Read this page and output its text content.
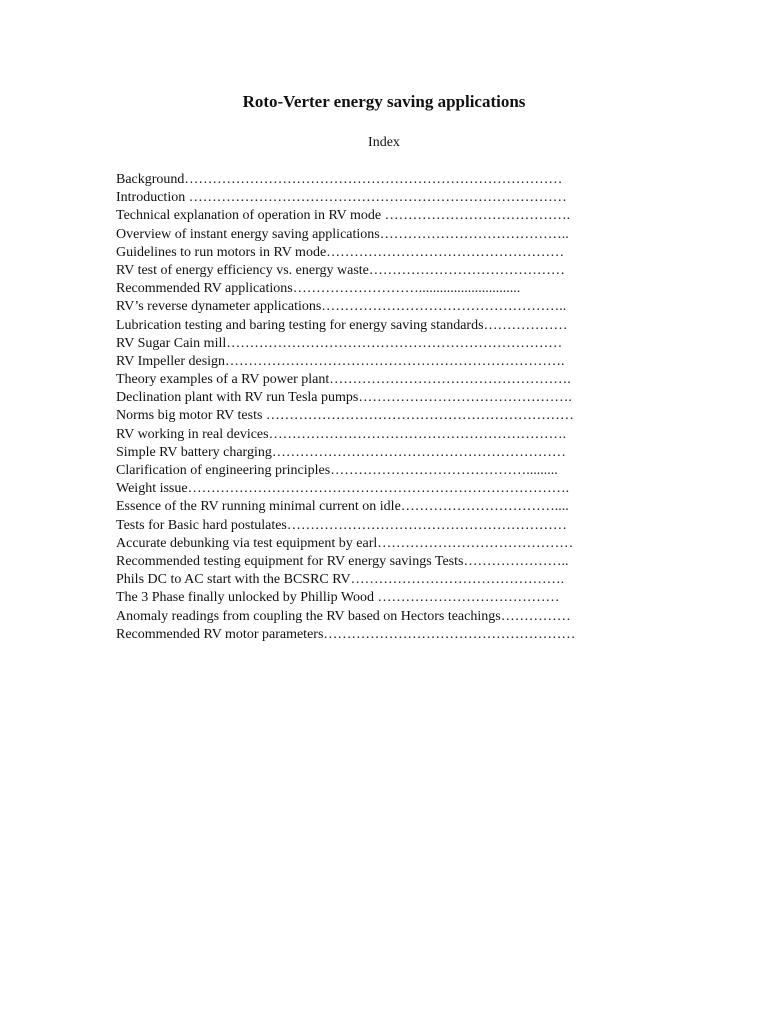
Roto-Verter energy saving applications
Index
Background………………………………………………………………………
Introduction ………………………………………………………………………
Technical explanation of operation in RV mode ………………………………….
Overview of instant energy saving applications…………………………………..
Guidelines to run motors in RV mode……………………………………………
RV test of energy efficiency vs. energy waste……………………………………
Recommended RV applications……………………….............................
RV’s reverse dynameter applications……………………………………………..
Lubrication testing and baring testing for energy saving standards………………
RV Sugar Cain mill………………………………………………………………
RV Impeller design……………………………………………………………….
Theory examples of a RV power plant…………………………………………….
Declination plant with RV run Tesla pumps……………………………………….
Norms big motor RV tests …………………………………………………………
RV working in real devices……………………………………………………….
Simple RV battery charging………………………………………………………
Clarification of engineering principles…………………………………….........
Weight issue……………………………………………………………………….
Essence of the RV running minimal current on idle……………………………....
Tests for Basic hard postulates……………………………………………………
Accurate debunking via test equipment by earl……………………………………
Recommended testing equipment for RV energy savings Tests…………………..
Phils DC to AC start with the BCSRC RV……………………………………….
The 3 Phase finally unlocked by Phillip Wood …………………………………
Anomaly readings from coupling the RV based on Hectors teachings……………
Recommended RV motor parameters………………………………………………
